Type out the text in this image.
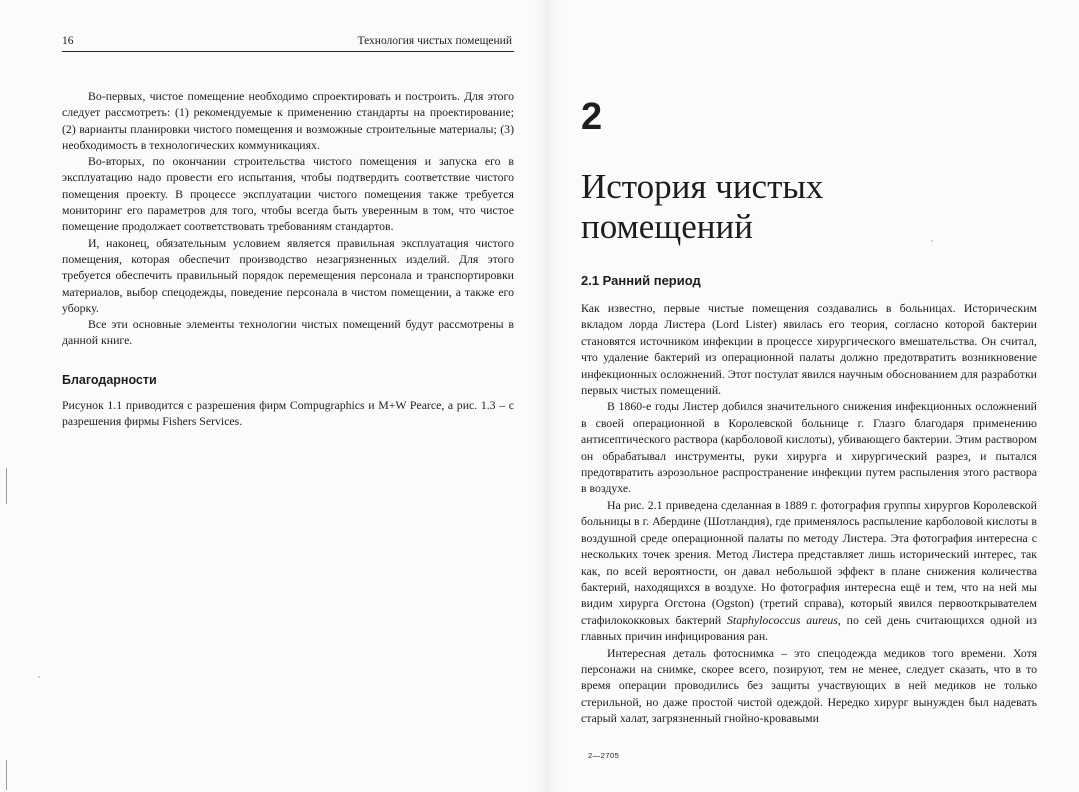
16	Технология чистых помещений

Во-первых, чистое помещение необходимо спроектировать и построить. Для этого следует рассмотреть: (1) рекомендуемые к применению стандарты на проектирование; (2) варианты планировки чистого помещения и возможные строительные материалы; (3) необходимость в технологических коммуникациях.

Во-вторых, по окончании строительства чистого помещения и запуска его в эксплуатацию надо провести его испытания, чтобы подтвердить соответствие чистого помещения проекту. В процессе эксплуатации чистого помещения также требуется мониторинг его параметров для того, чтобы всегда быть уверенным в том, что чистое помещение продолжает соответствовать требованиям стандартов.

И, наконец, обязательным условием является правильная эксплуатация чистого помещения, которая обеспечит производство незагрязненных изделий. Для этого требуется обеспечить правильный порядок перемещения персонала и транспортировки материалов, выбор спецодежды, поведение персонала в чистом помещении, а также его уборку.

Все эти основные элементы технологии чистых помещений будут рассмотрены в данной книге.

Благодарности

Рисунок 1.1 приводится с разрешения фирм Compugraphics и M+W Pearce, а рис. 1.3 – с разрешения фирмы Fishers Services.

2
История чистых помещений
2.1 Ранний период

Как известно, первые чистые помещения создавались в больницах. Историческим вкладом лорда Листера (Lord Lister) явилась его теория, согласно которой бактерии становятся источником инфекции в процессе хирургического вмешательства. Он считал, что удаление бактерий из операционной палаты должно предотвратить возникновение инфекционных осложнений. Этот постулат явился научным обоснованием для разработки первых чистых помещений.

В 1860-е годы Листер добился значительного снижения инфекционных осложнений в своей операционной в Королевской больнице г. Глазго благодаря применению антисептического раствора (карболовой кислоты), убивающего бактерии. Этим раствором он обрабатывал инструменты, руки хирурга и хирургический разрез, и пытался предотвратить аэрозольное распространение инфекции путем распыления этого раствора в воздухе.

На рис. 2.1 приведена сделанная в 1889 г. фотография группы хирургов Королевской больницы в г. Абердине (Шотландия), где применялось распыление карболовой кислоты в воздушной среде операционной палаты по методу Листера. Эта фотография интересна с нескольких точек зрения. Метод Листера представляет лишь исторический интерес, так как, по всей вероятности, он давал небольшой эффект в плане снижения количества бактерий, находящихся в воздухе. Но фотография интересна ещё и тем, что на ней мы видим хирурга Огстона (Ogston) (третий справа), который явился первооткрывателем стафилококковых бактерий Staphylococcus aureus, по сей день считающихся одной из главных причин инфицирования ран.

Интересная деталь фотоснимка – это спецодежда медиков того времени. Хотя персонажи на снимке, скорее всего, позируют, тем не менее, следует сказать, что в то время операции проводились без защиты участвующих в ней медиков не только стерильной, но даже простой чистой одеждой. Нередко хирург вынужден был надевать старый халат, загрязненный гнойно-кровавыми

2—2705
